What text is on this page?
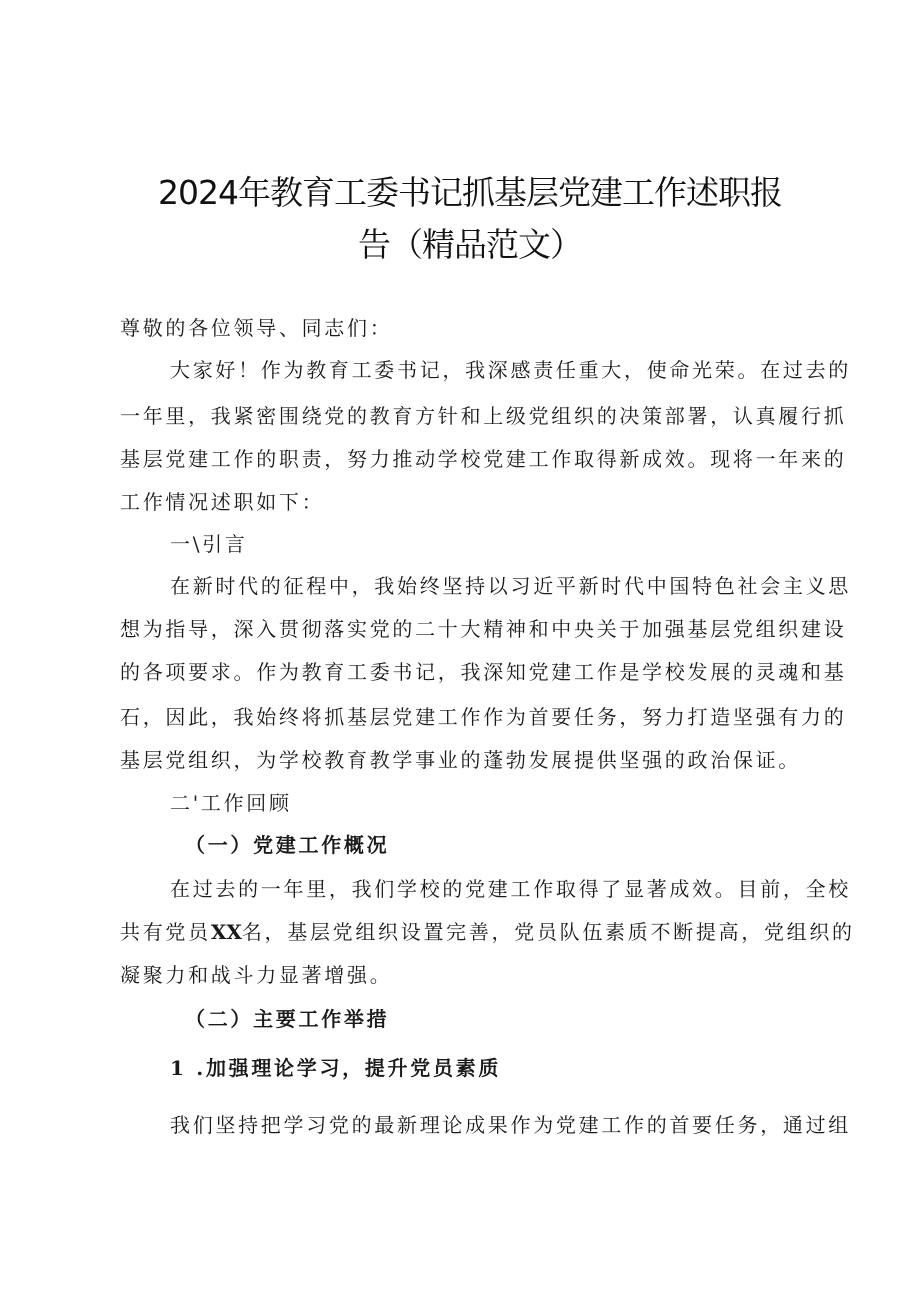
2024年教育工委书记抓基层党建工作述职报
告（精品范文）
尊敬的各位领导、同志们：
大家好！作为教育工委书记，我深感责任重大，使命光荣。在过去的
一年里，我紧密围绕党的教育方针和上级党组织的决策部署，认真履行抓
基层党建工作的职责，努力推动学校党建工作取得新成效。现将一年来的
工作情况述职如下：
一\引言
在新时代的征程中，我始终坚持以习近平新时代中国特色社会主义思
想为指导，深入贯彻落实党的二十大精神和中央关于加强基层党组织建设
的各项要求。作为教育工委书记，我深知党建工作是学校发展的灵魂和基
石，因此，我始终将抓基层党建工作作为首要任务，努力打造坚强有力的
基层党组织，为学校教育教学事业的蓬勃发展提供坚强的政治保证。
二'工作回顾
（一）党建工作概况
在过去的一年里，我们学校的党建工作取得了显著成效。目前，全校
共有党员XX名，基层党组织设置完善，党员队伍素质不断提高，党组织的
凝聚力和战斗力显著增强。
（二）主要工作举措
1 .加强理论学习，提升党员素质
我们坚持把学习党的最新理论成果作为党建工作的首要任务，通过组
